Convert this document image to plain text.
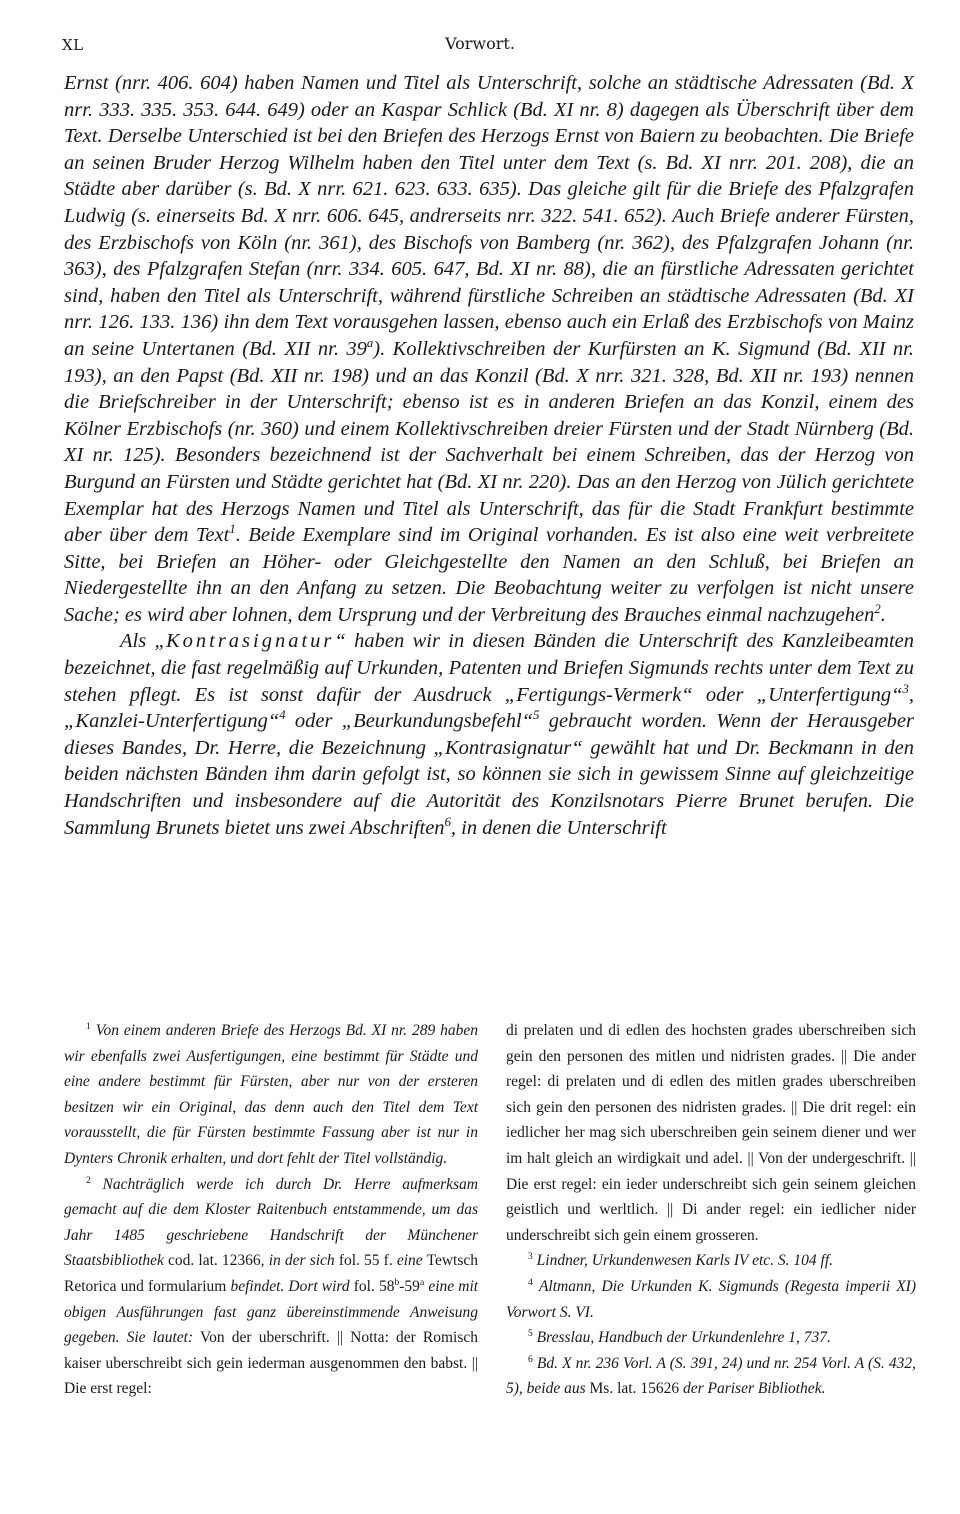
XL	Vorwort.

Ernst (nrr. 406. 604) haben Namen und Titel als Unterschrift, solche an städtische Adressaten (Bd. X nrr. 333. 335. 353. 644. 649) oder an Kaspar Schlick (Bd. XI nr. 8) dagegen als Überschrift über dem Text. Derselbe Unterschied ist bei den Briefen des Herzogs Ernst von Baiern zu beobachten. Die Briefe an seinen Bruder Herzog Wilhelm haben den Titel unter dem Text (s. Bd. XI nrr. 201. 208), die an Städte aber darüber (s. Bd. X nrr. 621. 623. 633. 635). Das gleiche gilt für die Briefe des Pfalzgrafen Ludwig (s. einerseits Bd. X nrr. 606. 645, andrerseits nrr. 322. 541. 652). Auch Briefe anderer Fürsten, des Erzbischofs von Köln (nr. 361), des Bischofs von Bamberg (nr. 362), des Pfalzgrafen Johann (nr. 363), des Pfalzgrafen Stefan (nrr. 334. 605. 647, Bd. XI nr. 88), die an fürstliche Adressaten gerichtet sind, haben den Titel als Unterschrift, während fürstliche Schreiben an städtische Adressaten (Bd. XI nrr. 126. 133. 136) ihn dem Text vorausgehen lassen, ebenso auch ein Erlaß des Erzbischofs von Mainz an seine Untertanen (Bd. XII nr. 39$^a$). Kollektivschreiben der Kurfürsten an K. Sigmund (Bd. XII nr. 193), an den Papst (Bd. XII nr. 198) und an das Konzil (Bd. X nrr. 321. 328, Bd. XII nr. 193) nennen die Briefschreiber in der Unterschrift; ebenso ist es in anderen Briefen an das Konzil, einem des Kölner Erzbischofs (nr. 360) und einem Kollektivschreiben dreier Fürsten und der Stadt Nürnberg (Bd. XI nr. 125). Besonders bezeichnend ist der Sachverhalt bei einem Schreiben, das der Herzog von Burgund an Fürsten und Städte gerichtet hat (Bd. XI nr. 220). Das an den Herzog von Jülich gerichtete Exemplar hat des Herzogs Namen und Titel als Unterschrift, das für die Stadt Frankfurt bestimmte aber über dem Text$^1$. Beide Exemplare sind im Original vorhanden. Es ist also eine weit verbreitete Sitte, bei Briefen an Höher- oder Gleichgestellte den Namen an den Schluß, bei Briefen an Niedergestellte ihn an den Anfang zu setzen. Die Beobachtung weiter zu verfolgen ist nicht unsere Sache; es wird aber lohnen, dem Ursprung und der Verbreitung des Brauches einmal nachzugehen$^2$.

Als „Kontrasignatur“ haben wir in diesen Bänden die Unterschrift des Kanzleibeamten bezeichnet, die fast regelmäßig auf Urkunden, Patenten und Briefen Sigmunds rechts unter dem Text zu stehen pflegt. Es ist sonst dafür der Ausdruck „Fertigungs-Vermerk“ oder „Unterfertigung“$^3$, „Kanzlei-Unterfertigung“$^4$ oder „Beurkundungsbefehl“$^5$ gebraucht worden. Wenn der Herausgeber dieses Bandes, Dr. Herre, die Bezeichnung „Kontrasignatur“ gewählt hat und Dr. Beckmann in den beiden nächsten Bänden ihm darin gefolgt ist, so können sie sich in gewissem Sinne auf gleichzeitige Handschriften und insbesondere auf die Autorität des Konzilsnotars Pierre Brunet berufen. Die Sammlung Brunets bietet uns zwei Abschriften$^6$, in denen die Unterschrift

$^1$ Von einem anderen Briefe des Herzogs Bd. XI nr. 289 haben wir ebenfalls zwei Ausfertigungen, eine bestimmt für Städte und eine andere bestimmt für Fürsten, aber nur von der ersteren besitzen wir ein Original, das denn auch den Titel dem Text vorausstellt, die für Fürsten bestimmte Fassung aber ist nur in Dynters Chronik erhalten, und dort fehlt der Titel vollständig.

$^2$ Nachträglich werde ich durch Dr. Herre aufmerksam gemacht auf die dem Kloster Raitenbuch entstammende, um das Jahr 1485 geschriebene Handschrift der Münchener Staatsbibliothek cod. lat. 12366, in der sich fol. 55 f. eine Tewtsch Retorica und formularium befindet. Dort wird fol. 58$^b$-59$^a$ eine mit obigen Ausführungen fast ganz übereinstimmende Anweisung gegeben. Sie lautet: Von der uberschrift. || Notta: der Romisch kaiser uberschreibt sich gein iederman ausgenommen den babst. || Die erst regel:

di prelaten und di edlen des hochsten grades uberschreiben sich gein den personen des mitlen und nidristen grades. || Die ander regel: di prelaten und di edlen des mitlen grades uberschreiben sich gein den personen des nidristen grades. || Die drit regel: ein iedlicher her mag sich uberschreiben gein seinem diener und wer im halt gleich an wirdigkait und adel. || Von der undergeschrift. || Die erst regel: ein ieder underschreibt sich gein seinem gleichen geistlich und werltlich. || Di ander regel: ein iedlicher nider underschreibt sich gein einem grosseren.

$^3$ Lindner, Urkundenwesen Karls IV etc. S. 104 ff.

$^4$ Altmann, Die Urkunden K. Sigmunds (Regesta imperii XI) Vorwort S. VI.

$^5$ Bresslau, Handbuch der Urkundenlehre 1, 737.

$^6$ Bd. X nr. 236 Vorl. A (S. 391, 24) und nr. 254 Vorl. A (S. 432, 5), beide aus Ms. lat. 15626 der Pariser Bibliothek.
